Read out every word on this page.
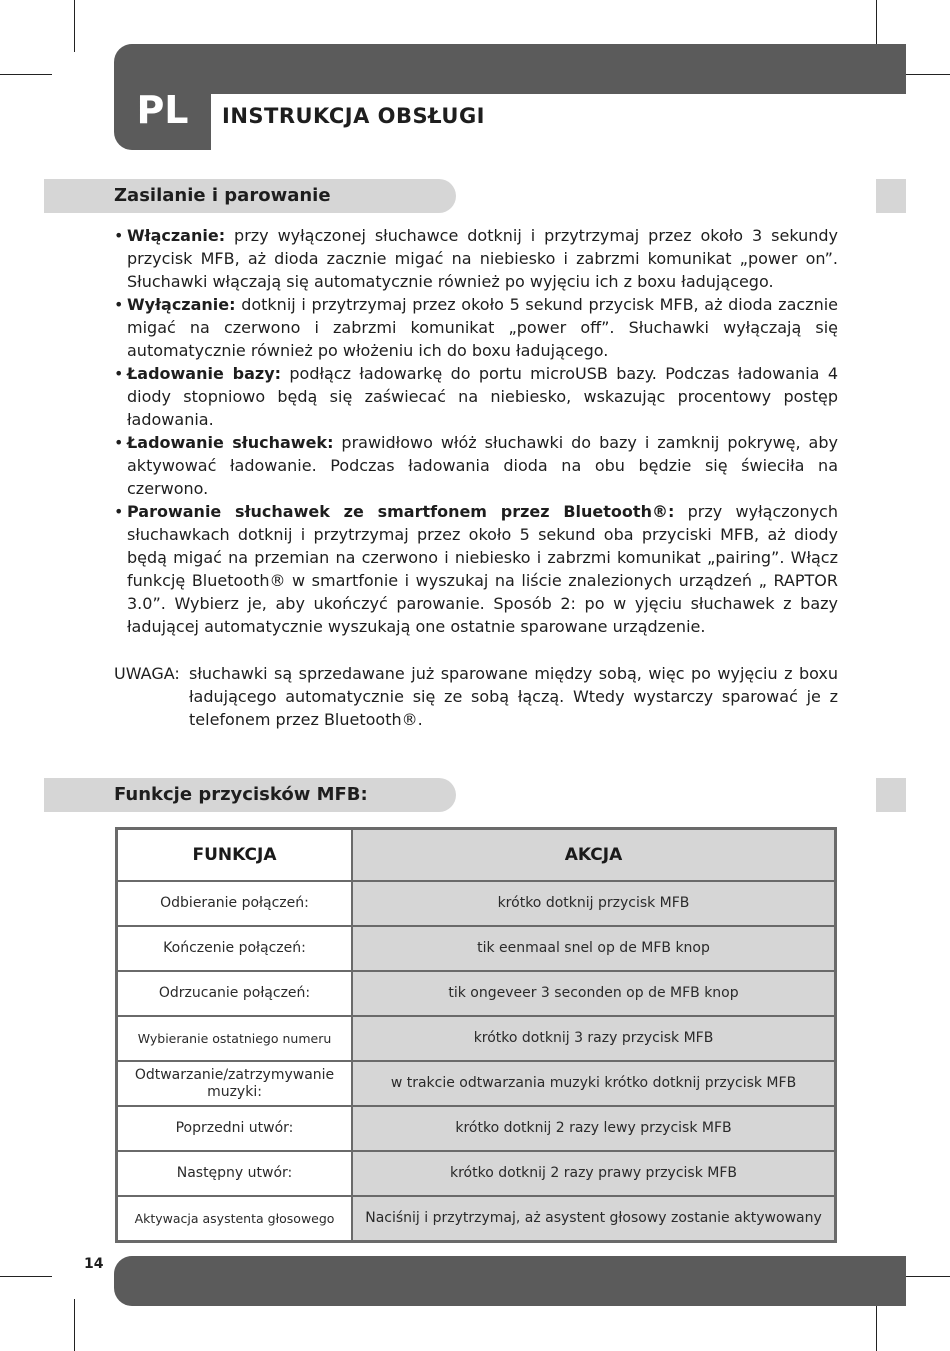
PL	INSTRUKCJA OBSŁUGI
Zasilanie i parowanie
• Włączanie: przy wyłączonej słuchawce dotknij i przytrzymaj przez około 3 sekundy przycisk MFB, aż dioda zacznie migać na niebiesko i zabrzmi komunikat „power on”. Słuchawki włączają się automatycznie również po wyjęciu ich z boxu ładującego.
• Wyłączanie: dotknij i przytrzymaj przez około 5 sekund przycisk MFB, aż dioda zacznie migać na czerwono i zabrzmi komunikat „power off”. Słuchawki wyłączają się automatycznie również po włożeniu ich do boxu ładującego.
• Ładowanie bazy: podłącz ładowarkę do portu microUSB bazy. Podczas ładowania 4 diody stopniowo będą się zaświecać na niebiesko, wskazując procentowy postęp ładowania.
• Ładowanie słuchawek: prawidłowo włóż słuchawki do bazy i zamknij pokrywę, aby aktywować ładowanie. Podczas ładowania dioda na obu będzie się świeciła na czerwono.
• Parowanie słuchawek ze smartfonem przez Bluetooth®: przy wyłączonych słuchawkach dotknij i przytrzymaj przez około 5 sekund oba przyciski MFB, aż diody będą migać na przemian na czerwono i niebiesko i zabrzmi komunikat „pairing”. Włącz funkcję Bluetooth® w smartfonie i wyszukaj na liście znalezionych urządzeń „ RAPTOR 3.0”. Wybierz je, aby ukończyć parowanie. Sposób 2: po w yjęciu słuchawek z bazy ładującej automatycznie wyszukają one ostatnie sparowane urządzenie.
UWAGA: słuchawki są sprzedawane już sparowane między sobą, więc po wyjęciu z boxu ładującego automatycznie się ze sobą łączą. Wtedy wystarczy sparować je z telefonem przez Bluetooth®.
Funkcje przycisków MFB:
FUNKCJA	AKCJA
Odbieranie połączeń:	krótko dotknij przycisk MFB
Kończenie połączeń:	tik eenmaal snel op de MFB knop
Odrzucanie połączeń:	tik ongeveer 3 seconden op de MFB knop
Wybieranie ostatniego numeru	krótko dotknij 3 razy przycisk MFB
Odtwarzanie/zatrzymywanie muzyki:	w trakcie odtwarzania muzyki krótko dotknij przycisk MFB
Poprzedni utwór:	krótko dotknij 2 razy lewy przycisk MFB
Następny utwór:	krótko dotknij 2 razy prawy przycisk MFB
Aktywacja asystenta głosowego	Naciśnij i przytrzymaj, aż asystent głosowy zostanie aktywowany
14
